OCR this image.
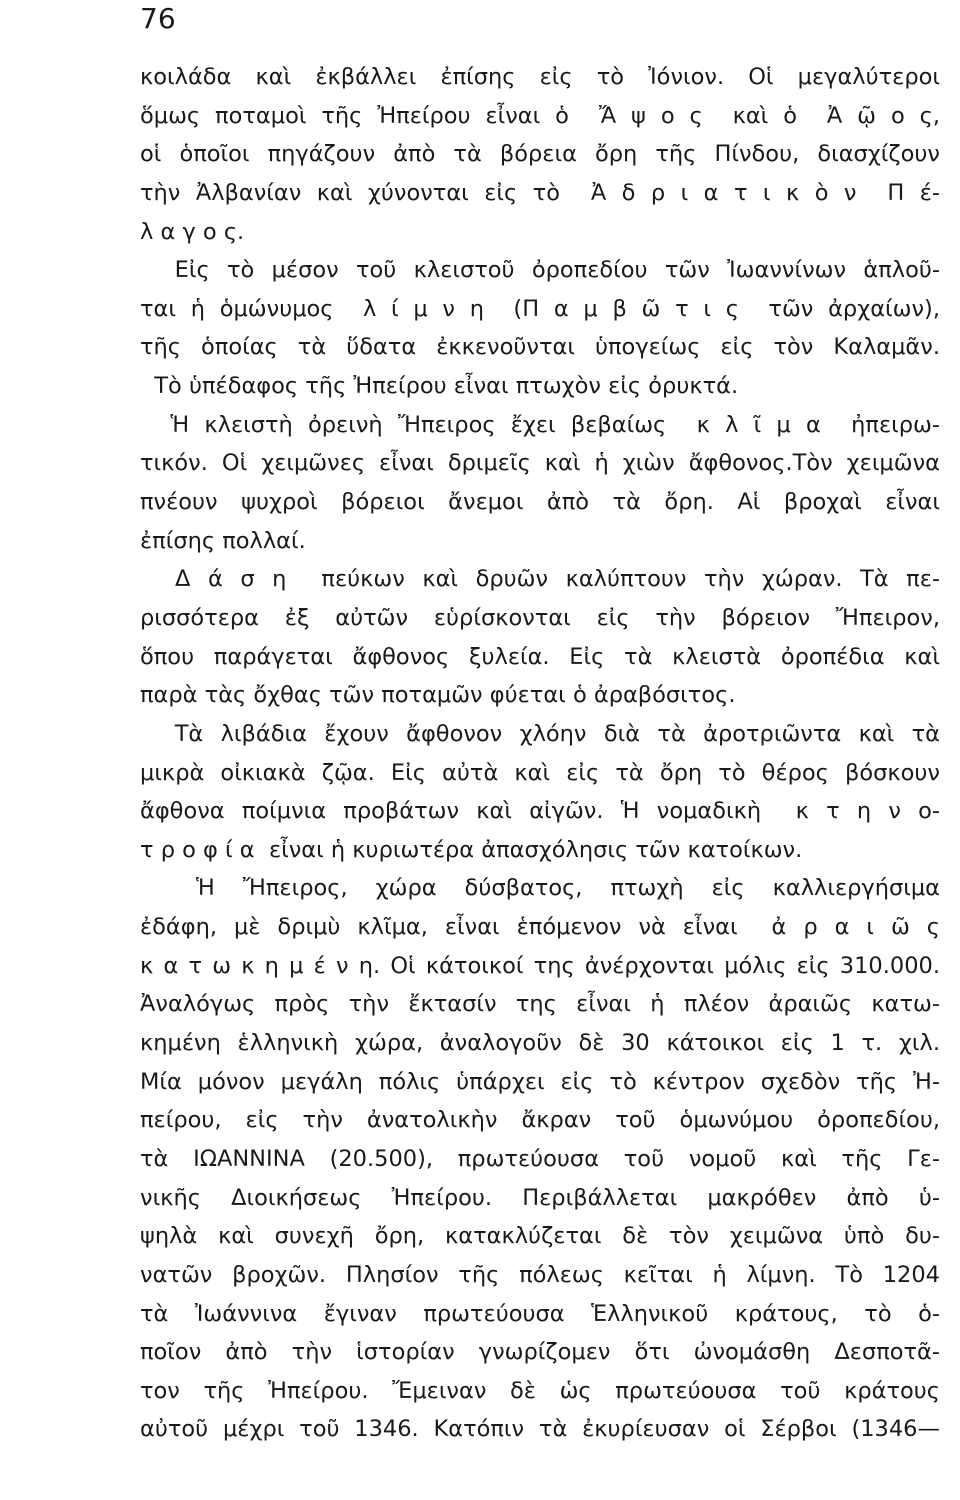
76
κοιλάδα καὶ ἐκβάλλει ἐπίσης εἰς τὸ Ἰόνιον. Οἱ μεγαλύτεροι
ὅμως ποταμοὶ τῆς Ἠπείρου εἶναι ὁ  Ἄ ψ ο ς  καὶ ὁ  Ἀ ῷ ο ς,
οἱ ὁποῖοι πηγάζουν ἀπὸ τὰ βόρεια ὄρη τῆς Πίνδου, διασχίζουν
τὴν Ἀλβανίαν καὶ χύνονται εἰς τὸ  Ἀ δ ρ ι α τ ι κ ὸ ν  Π έ-
λ α γ ο ς.
Εἰς τὸ μέσον τοῦ κλειστοῦ ὀροπεδίου τῶν Ἰωαννίνων ἁπλοῦ-
ται ἡ ὁμώνυμος  λ ί μ ν η  (Π α μ β ῶ τ ι ς  τῶν ἀρχαίων),
τῆς ὁποίας τὰ ὕδατα ἐκκενοῦνται ὑπογείως εἰς τὸν Καλαμᾶν.
Τὸ ὑπέδαφος τῆς Ἠπείρου εἶναι πτωχὸν εἰς ὀρυκτά.
Ἡ κλειστὴ ὀρεινὴ Ἤπειρος ἔχει βεβαίως  κ λ ῖ μ α  ἠπειρω-
τικόν. Οἱ χειμῶνες εἶναι δριμεῖς καὶ ἡ χιὼν ἄφθονος.Τὸν χειμῶνα
πνέουν ψυχροὶ βόρειοι ἄνεμοι ἀπὸ τὰ ὄρη. Αἱ βροχαὶ εἶναι
ἐπίσης πολλαί.
Δ ά σ η  πεύκων καὶ δρυῶν καλύπτουν τὴν χώραν. Τὰ πε-
ρισσότερα ἐξ αὐτῶν εὑρίσκονται εἰς τὴν βόρειον Ἤπειρον,
ὅπου παράγεται ἄφθονος ξυλεία. Εἰς τὰ κλειστὰ ὀροπέδια καὶ
παρὰ τὰς ὄχθας τῶν ποταμῶν φύεται ὁ ἀραβόσιτος.
Τὰ λιβάδια ἔχουν ἄφθονον χλόην διὰ τὰ ἀροτριῶντα καὶ τὰ
μικρὰ οἰκιακὰ ζῷα. Εἰς αὐτὰ καὶ εἰς τὰ ὄρη τὸ θέρος βόσκουν
ἄφθονα ποίμνια προβάτων καὶ αἰγῶν. Ἡ νομαδικὴ  κ τ η ν ο-
τ ρ ο φ ί α  εἶναι ἡ κυριωτέρα ἀπασχόλησις τῶν κατοίκων.
Ἡ Ἤπειρος, χώρα δύσβατος, πτωχὴ εἰς καλλιεργήσιμα
ἐδάφη, μὲ δριμὺ κλῖμα, εἶναι ἑπόμενον νὰ εἶναι  ἀ ρ α ι ῶ ς
κ α τ ω κ η μ έ ν η. Οἱ κάτοικοί της ἀνέρχονται μόλις εἰς 310.000.
Ἀναλόγως πρὸς τὴν ἔκτασίν της εἶναι ἡ πλέον ἀραιῶς κατω-
κημένη ἑλληνικὴ χώρα, ἀναλογοῦν δὲ 30 κάτοικοι εἰς 1 τ. χιλ.
Μία μόνον μεγάλη πόλις ὑπάρχει εἰς τὸ κέντρον σχεδὸν τῆς Ἠ-
πείρου, εἰς τὴν ἀνατολικὴν ἄκραν τοῦ ὁμωνύμου ὀροπεδίου,
τὰ ΙΩΑΝΝΙΝΑ (20.500), πρωτεύουσα τοῦ νομοῦ καὶ τῆς Γε-
νικῆς Διοικήσεως Ἠπείρου. Περιβάλλεται μακρόθεν ἀπὸ ὑ-
ψηλὰ καὶ συνεχῆ ὄρη, κατακλύζεται δὲ τὸν χειμῶνα ὑπὸ δυ-
νατῶν βροχῶν. Πλησίον τῆς πόλεως κεῖται ἡ λίμνη. Τὸ 1204
τὰ Ἰωάννινα ἔγιναν πρωτεύουσα Ἑλληνικοῦ κράτους, τὸ ὁ-
ποῖον ἀπὸ τὴν ἱστορίαν γνωρίζομεν ὅτι ὠνομάσθη Δεσποτᾶ-
τον τῆς Ἠπείρου. Ἔμειναν δὲ ὡς πρωτεύουσα τοῦ κράτους
αὐτοῦ μέχρι τοῦ 1346. Κατόπιν τὰ ἐκυρίευσαν οἱ Σέρβοι (1346—
